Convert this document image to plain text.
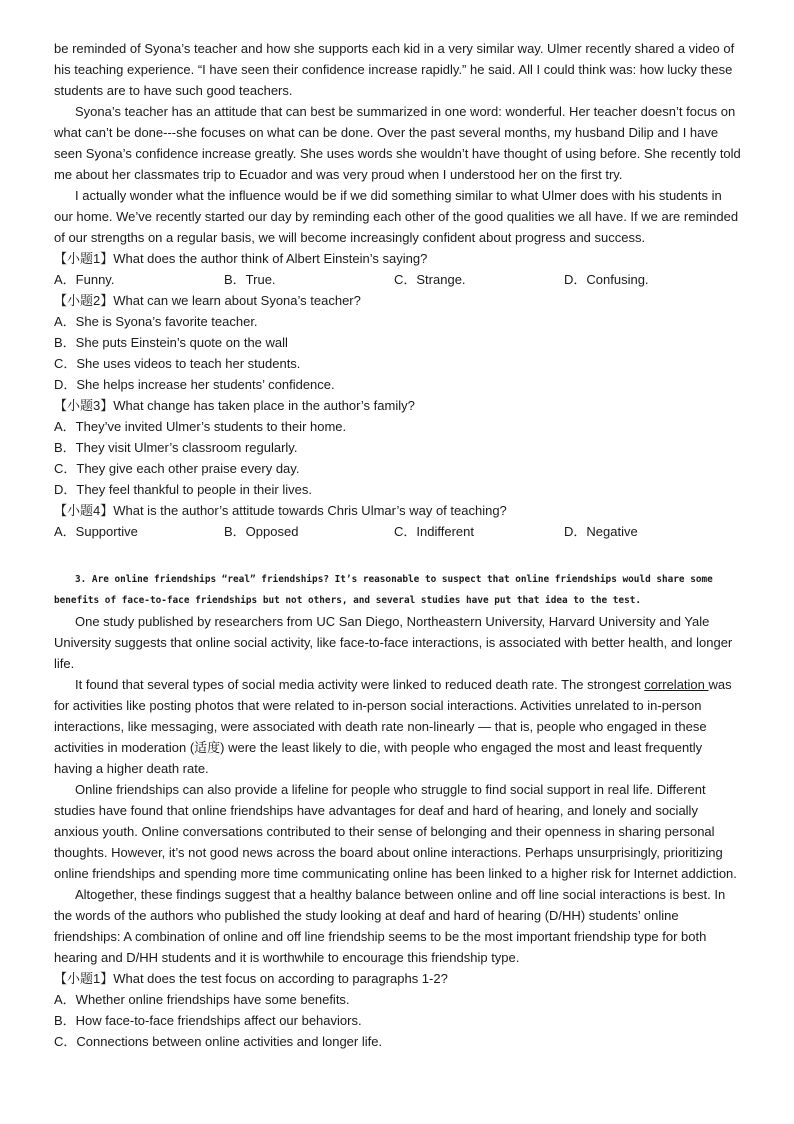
be reminded of Syona’s teacher and how she supports each kid in a very similar way. Ulmer recently shared a video of his teaching experience. “I have seen their confidence increase rapidly.” he said. All I could think was: how lucky these students are to have such good teachers.

Syona’s teacher has an attitude that can best be summarized in one word: wonderful. Her teacher doesn’t focus on what can’t be done---she focuses on what can be done. Over the past several months, my husband Dilip and I have seen Syona’s confidence increase greatly. She uses words she wouldn’t have thought of using before. She recently told me about her classmates trip to Ecuador and was very proud when I understood her on the first try.

I actually wonder what the influence would be if we did something similar to what Ulmer does with his students in our home. We’ve recently started our day by reminding each other of the good qualities we all have. If we are reminded of our strengths on a regular basis, we will become increasingly confident about progress and success.

【小题1】What does the author think of Albert Einstein’s saying?

A．Funny.	B．True.	C．Strange.	D．Confusing.

【小题2】What can we learn about Syona’s teacher?

A．She is Syona’s favorite teacher.

B．She puts Einstein’s quote on the wall

C．She uses videos to teach her students.

D．She helps increase her students’ confidence.

【小题3】What change has taken place in the author’s family?

A．They’ve invited Ulmer’s students to their home.

B．They visit Ulmer’s classroom regularly.

C．They give each other praise every day.

D．They feel thankful to people in their lives.

【小题4】What is the author’s attitude towards Chris Ulmar’s way of teaching?

A．Supportive	B．Opposed	C．Indifferent	D．Negative

3. Are online friendships “real” friendships? It’s reasonable to suspect that online friendships would share some benefits of face-to-face friendships but not others, and several studies have put that idea to the test.

One study published by researchers from UC San Diego, Northeastern University, Harvard University and Yale University suggests that online social activity, like face-to-face interactions, is associated with better health, and longer life.

It found that several types of social media activity were linked to reduced death rate. The strongest correlation was for activities like posting photos that were related to in-person social interactions. Activities unrelated to in-person interactions, like messaging, were associated with death rate non-linearly — that is, people who engaged in these activities in moderation (适度) were the least likely to die, with people who engaged the most and least frequently having a higher death rate.

Online friendships can also provide a lifeline for people who struggle to find social support in real life. Different studies have found that online friendships have advantages for deaf and hard of hearing, and lonely and socially anxious youth. Online conversations contributed to their sense of belonging and their openness in sharing personal thoughts. However, it’s not good news across the board about online interactions. Perhaps unsurprisingly, prioritizing online friendships and spending more time communicating online has been linked to a higher risk for Internet addiction.

Altogether, these findings suggest that a healthy balance between online and off line social interactions is best. In the words of the authors who published the study looking at deaf and hard of hearing (D/HH) students’ online friendships: A combination of online and off line friendship seems to be the most important friendship type for both hearing and D/HH students and it is worthwhile to encourage this friendship type.

【小题1】What does the test focus on according to paragraphs 1-2?

A．Whether online friendships have some benefits.

B．How face-to-face friendships affect our behaviors.

C．Connections between online activities and longer life.
